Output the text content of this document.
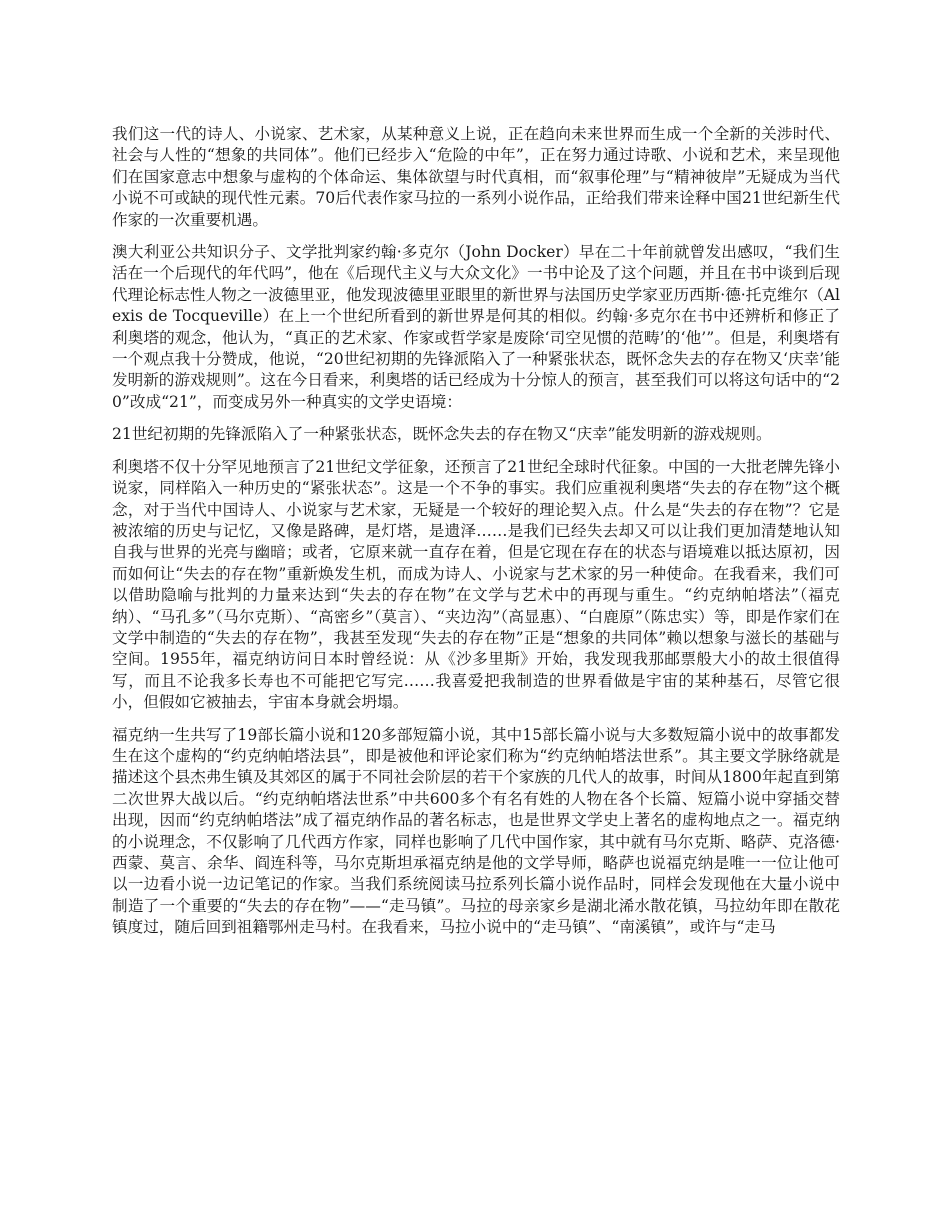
我们这一代的诗人、小说家、艺术家，从某种意义上说，正在趋向未来世界而生成一个全新的关涉时代、社会与人性的“想象的共同体”。他们已经步入“危险的中年”，正在努力通过诗歌、小说和艺术，来呈现他们在国家意志中想象与虚构的个体命运、集体欲望与时代真相，而“叙事伦理”与“精神彼岸”无疑成为当代小说不可或缺的现代性元素。70后代表作家马拉的一系列小说作品，正给我们带来诠释中国21世纪新生代作家的一次重要机遇。

澳大利亚公共知识分子、文学批判家约翰·多克尔（John Docker）早在二十年前就曾发出感叹，“我们生活在一个后现代的年代吗”，他在《后现代主义与大众文化》一书中论及了这个问题，并且在书中谈到后现代理论标志性人物之一波德里亚，他发现波德里亚眼里的新世界与法国历史学家亚历西斯·德·托克维尔（Alexis de Tocqueville）在上一个世纪所看到的新世界是何其的相似。约翰·多克尔在书中还辨析和修正了利奥塔的观念，他认为，“真正的艺术家、作家或哲学家是废除‘司空见惯的范畴’的‘他’”。但是，利奥塔有一个观点我十分赞成，他说，“20世纪初期的先锋派陷入了一种紧张状态，既怀念失去的存在物又‘庆幸’能发明新的游戏规则”。这在今日看来，利奥塔的话已经成为十分惊人的预言，甚至我们可以将这句话中的“20”改成“21”，而变成另外一种真实的文学史语境：

21世纪初期的先锋派陷入了一种紧张状态，既怀念失去的存在物又“庆幸”能发明新的游戏规则。

利奥塔不仅十分罕见地预言了21世纪文学征象，还预言了21世纪全球时代征象。中国的一大批老牌先锋小说家，同样陷入一种历史的“紧张状态”。这是一个不争的事实。我们应重视利奥塔“失去的存在物”这个概念，对于当代中国诗人、小说家与艺术家，无疑是一个较好的理论契入点。什么是“失去的存在物”？它是被浓缩的历史与记忆，又像是路碑，是灯塔，是遗泽……是我们已经失去却又可以让我们更加清楚地认知自我与世界的光亮与幽暗；或者，它原来就一直存在着，但是它现在存在的状态与语境难以抵达原初，因而如何让“失去的存在物”重新焕发生机，而成为诗人、小说家与艺术家的另一种使命。在我看来，我们可以借助隐喻与批判的力量来达到“失去的存在物”在文学与艺术中的再现与重生。“约克纳帕塔法”（福克纳）、“马孔多”（马尔克斯）、“高密乡”（莫言）、“夹边沟”（高显惠）、“白鹿原”（陈忠实）等，即是作家们在文学中制造的“失去的存在物”，我甚至发现“失去的存在物”正是“想象的共同体”赖以想象与滋长的基础与空间。1955年，福克纳访问日本时曾经说：从《沙多里斯》开始，我发现我那邮票般大小的故土很值得写，而且不论我多长寿也不可能把它写完……我喜爱把我制造的世界看做是宇宙的某种基石，尽管它很小，但假如它被抽去，宇宙本身就会坍塌。

福克纳一生共写了19部长篇小说和120多部短篇小说，其中15部长篇小说与大多数短篇小说中的故事都发生在这个虚构的“约克纳帕塔法县”，即是被他和评论家们称为“约克纳帕塔法世系”。其主要文学脉络就是描述这个县杰弗生镇及其郊区的属于不同社会阶层的若干个家族的几代人的故事，时间从1800年起直到第二次世界大战以后。“约克纳帕塔法世系”中共600多个有名有姓的人物在各个长篇、短篇小说中穿插交替出现，因而“约克纳帕塔法”成了福克纳作品的著名标志，也是世界文学史上著名的虚构地点之一。福克纳的小说理念，不仅影响了几代西方作家，同样也影响了几代中国作家，其中就有马尔克斯、略萨、克洛德·西蒙、莫言、余华、阎连科等，马尔克斯坦承福克纳是他的文学导师，略萨也说福克纳是唯一一位让他可以一边看小说一边记笔记的作家。当我们系统阅读马拉系列长篇小说作品时，同样会发现他在大量小说中制造了一个重要的“失去的存在物”——“走马镇”。马拉的母亲家乡是湖北浠水散花镇，马拉幼年即在散花镇度过，随后回到祖籍鄂州走马村。在我看来，马拉小说中的“走马镇”、“南溪镇”，或许与“走马
